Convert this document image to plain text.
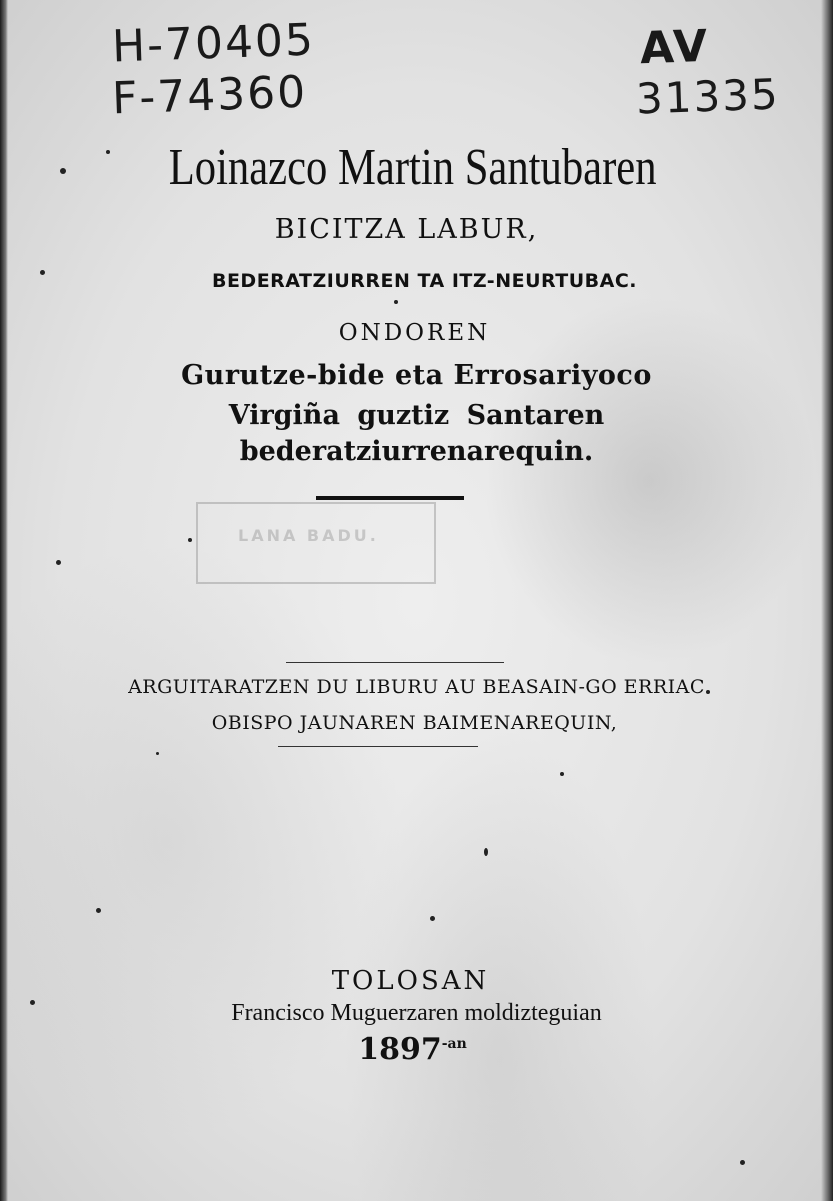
H-70405
F-74360
AV
31335
Loinazco Martin Santubaren
BICITZA LABUR,
BEDERATZIURREN TA ITZ-NEURTUBAC.
ONDOREN
Gurutze-bide eta Errosariyoco
Virgiña guztiz Santaren
bederatziurrenarequin.
LANA BADU.
ARGUITARATZEN DU LIBURU AU BEASAIN-GO ERRIAC
OBISPO JAUNAREN BAIMENAREQUIN,
TOLOSAN
Francisco Muguerzaren moldizteguian
$1897^{-an}$
